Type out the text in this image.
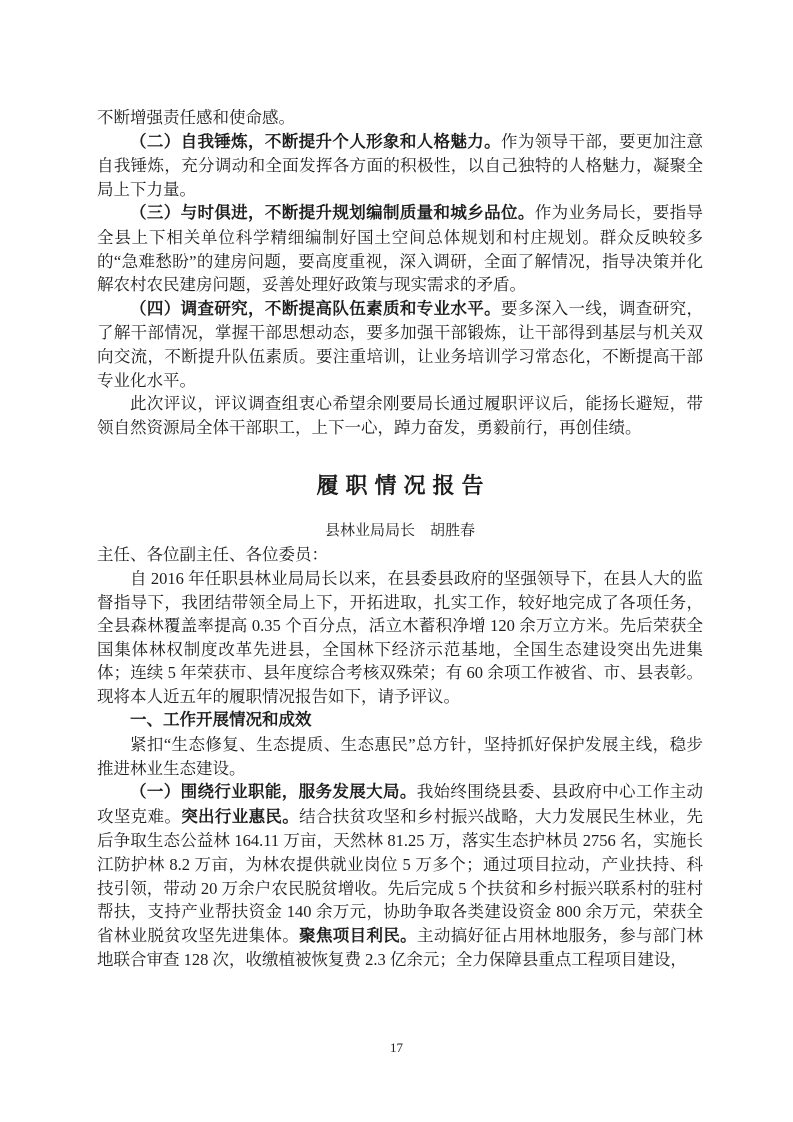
不断增强责任感和使命感。

（二）自我锤炼，不断提升个人形象和人格魅力。作为领导干部，要更加注意自我锤炼，充分调动和全面发挥各方面的积极性，以自己独特的人格魅力，凝聚全局上下力量。

（三）与时俱进，不断提升规划编制质量和城乡品位。作为业务局长，要指导全县上下相关单位科学精细编制好国土空间总体规划和村庄规划。群众反映较多的“急难愁盼”的建房问题，要高度重视，深入调研，全面了解情况，指导决策并化解农村农民建房问题，妥善处理好政策与现实需求的矛盾。

（四）调查研究，不断提高队伍素质和专业水平。要多深入一线，调查研究，了解干部情况，掌握干部思想动态，要多加强干部锻炼，让干部得到基层与机关双向交流，不断提升队伍素质。要注重培训，让业务培训学习常态化，不断提高干部专业化水平。

此次评议，评议调查组衷心希望余刚要局长通过履职评议后，能扬长避短，带领自然资源局全体干部职工，上下一心，踔力奋发，勇毅前行，再创佳绩。

履职情况报告

县林业局局长　胡胜春

主任、各位副主任、各位委员：

自 2016 年任职县林业局局长以来，在县委县政府的坚强领导下，在县人大的监督指导下，我团结带领全局上下，开拓进取，扎实工作，较好地完成了各项任务，全县森林覆盖率提高 0.35 个百分点，活立木蓄积净增 120 余万立方米。先后荣获全国集体林权制度改革先进县，全国林下经济示范基地，全国生态建设突出先进集体；连续 5 年荣获市、县年度综合考核双殊荣；有 60 余项工作被省、市、县表彰。现将本人近五年的履职情况报告如下，请予评议。

一、工作开展情况和成效

紧扣“生态修复、生态提质、生态惠民”总方针，坚持抓好保护发展主线，稳步推进林业生态建设。

（一）围绕行业职能，服务发展大局。我始终围绕县委、县政府中心工作主动攻坚克难。突出行业惠民。结合扶贫攻坚和乡村振兴战略，大力发展民生林业，先后争取生态公益林 164.11 万亩，天然林 81.25 万，落实生态护林员 2756 名，实施长江防护林 8.2 万亩，为林农提供就业岗位 5 万多个；通过项目拉动，产业扶持、科技引领，带动 20 万余户农民脱贫增收。先后完成 5 个扶贫和乡村振兴联系村的驻村帮扶，支持产业帮扶资金 140 余万元，协助争取各类建设资金 800 余万元，荣获全省林业脱贫攻坚先进集体。聚焦项目利民。主动搞好征占用林地服务，参与部门林地联合审查 128 次，收缴植被恢复费 2.3 亿余元；全力保障县重点工程项目建设，

17
